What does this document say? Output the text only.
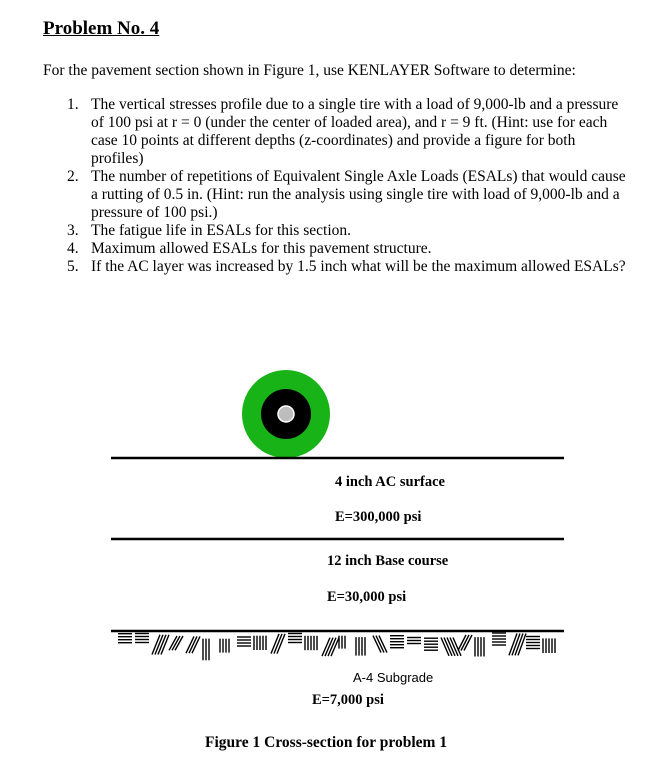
Problem No. 4
For the pavement section shown in Figure 1, use KENLAYER Software to determine:
1. The vertical stresses profile due to a single tire with a load of 9,000-lb and a pressure of 100 psi at r = 0 (under the center of loaded area), and r = 9 ft. (Hint: use for each case 10 points at different depths (z-coordinates) and provide a figure for both profiles)
2. The number of repetitions of Equivalent Single Axle Loads (ESALs) that would cause a rutting of 0.5 in. (Hint: run the analysis using single tire with load of 9,000-lb and a pressure of 100 psi.)
3. The fatigue life in ESALs for this section.
4. Maximum allowed ESALs for this pavement structure.
5. If the AC layer was increased by 1.5 inch what will be the maximum allowed ESALs?
4 inch AC surface
E=300,000 psi
12 inch Base course
E=30,000 psi
A-4 Subgrade
E=7,000 psi
Figure 1 Cross-section for problem 1
